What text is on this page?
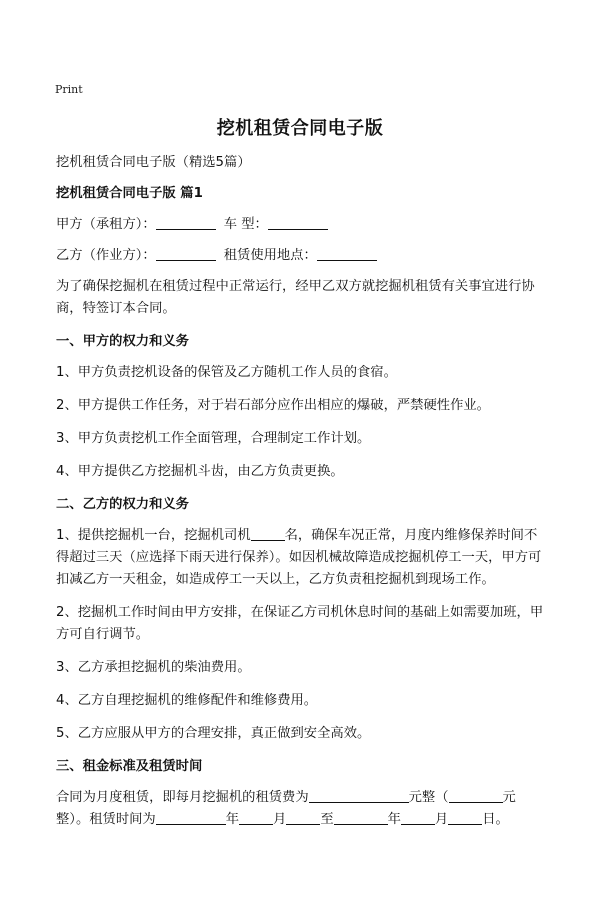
Print
挖机租赁合同电子版

挖机租赁合同电子版（精选5篇）

挖机租赁合同电子版 篇1

甲方（承租方）：	车 型：

乙方（作业方）：	租赁使用地点：

为了确保挖掘机在租赁过程中正常运行，经甲乙双方就挖掘机租赁有关事宜进行协商，特签订本合同。

一、甲方的权力和义务

1、甲方负责挖机设备的保管及乙方随机工作人员的食宿。

2、甲方提供工作任务，对于岩石部分应作出相应的爆破，严禁硬性作业。

3、甲方负责挖机工作全面管理，合理制定工作计划。

4、甲方提供乙方挖掘机斗齿，由乙方负责更换。

二、乙方的权力和义务

1、提供挖掘机一台，挖掘机司机	名，确保车况正常，月度内维修保养时间不得超过三天（应选择下雨天进行保养）。如因机械故障造成挖掘机停工一天，甲方可扣减乙方一天租金，如造成停工一天以上，乙方负责租挖掘机到现场工作。

2、挖掘机工作时间由甲方安排，在保证乙方司机休息时间的基础上如需要加班，甲方可自行调节。

3、乙方承担挖掘机的柴油费用。

4、乙方自理挖掘机的维修配件和维修费用。

5、乙方应服从甲方的合理安排，真正做到安全高效。

三、租金标准及租赁时间

合同为月度租赁，即每月挖掘机的租赁费为	元整（	元整）。租赁时间为	年	月	至	年	月	日。
